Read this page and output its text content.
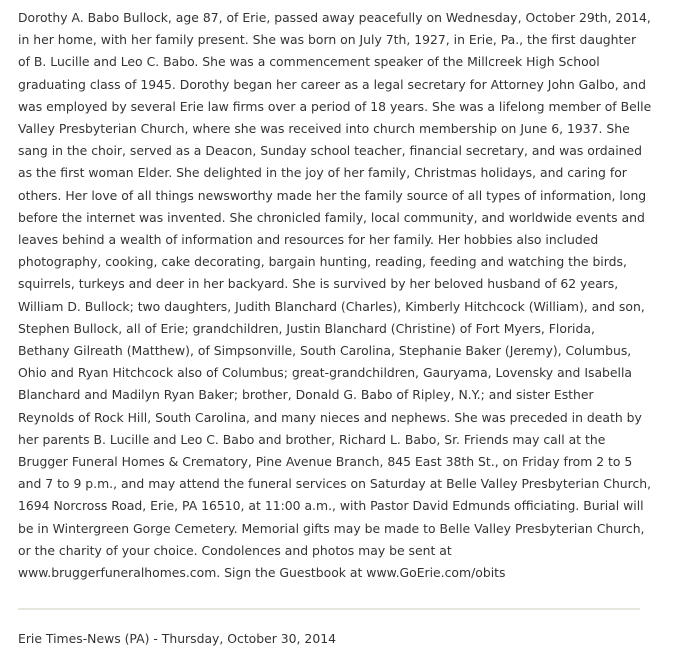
Dorothy A. Babo Bullock, age 87, of Erie, passed away peacefully on Wednesday, October 29th, 2014,
in her home, with her family present. She was born on July 7th, 1927, in Erie, Pa., the first daughter
of B. Lucille and Leo C. Babo. She was a commencement speaker of the Millcreek High School
graduating class of 1945. Dorothy began her career as a legal secretary for Attorney John Galbo, and
was employed by several Erie law firms over a period of 18 years. She was a lifelong member of Belle
Valley Presbyterian Church, where she was received into church membership on June 6, 1937. She
sang in the choir, served as a Deacon, Sunday school teacher, financial secretary, and was ordained
as the first woman Elder. She delighted in the joy of her family, Christmas holidays, and caring for
others. Her love of all things newsworthy made her the family source of all types of information, long
before the internet was invented. She chronicled family, local community, and worldwide events and
leaves behind a wealth of information and resources for her family. Her hobbies also included
photography, cooking, cake decorating, bargain hunting, reading, feeding and watching the birds,
squirrels, turkeys and deer in her backyard. She is survived by her beloved husband of 62 years,
William D. Bullock; two daughters, Judith Blanchard (Charles), Kimberly Hitchcock (William), and son,
Stephen Bullock, all of Erie; grandchildren, Justin Blanchard (Christine) of Fort Myers, Florida,
Bethany Gilreath (Matthew), of Simpsonville, South Carolina, Stephanie Baker (Jeremy), Columbus,
Ohio and Ryan Hitchcock also of Columbus; great-grandchildren, Gauryama, Lovensky and Isabella
Blanchard and Madilyn Ryan Baker; brother, Donald G. Babo of Ripley, N.Y.; and sister Esther
Reynolds of Rock Hill, South Carolina, and many nieces and nephews. She was preceded in death by
her parents B. Lucille and Leo C. Babo and brother, Richard L. Babo, Sr. Friends may call at the
Brugger Funeral Homes & Crematory, Pine Avenue Branch, 845 East 38th St., on Friday from 2 to 5
and 7 to 9 p.m., and may attend the funeral services on Saturday at Belle Valley Presbyterian Church,
1694 Norcross Road, Erie, PA 16510, at 11:00 a.m., with Pastor David Edmunds officiating. Burial will
be in Wintergreen Gorge Cemetery. Memorial gifts may be made to Belle Valley Presbyterian Church,
or the charity of your choice. Condolences and photos may be sent at
www.bruggerfuneralhomes.com. Sign the Guestbook at www.GoErie.com/obits
Erie Times-News (PA) - Thursday, October 30, 2014
